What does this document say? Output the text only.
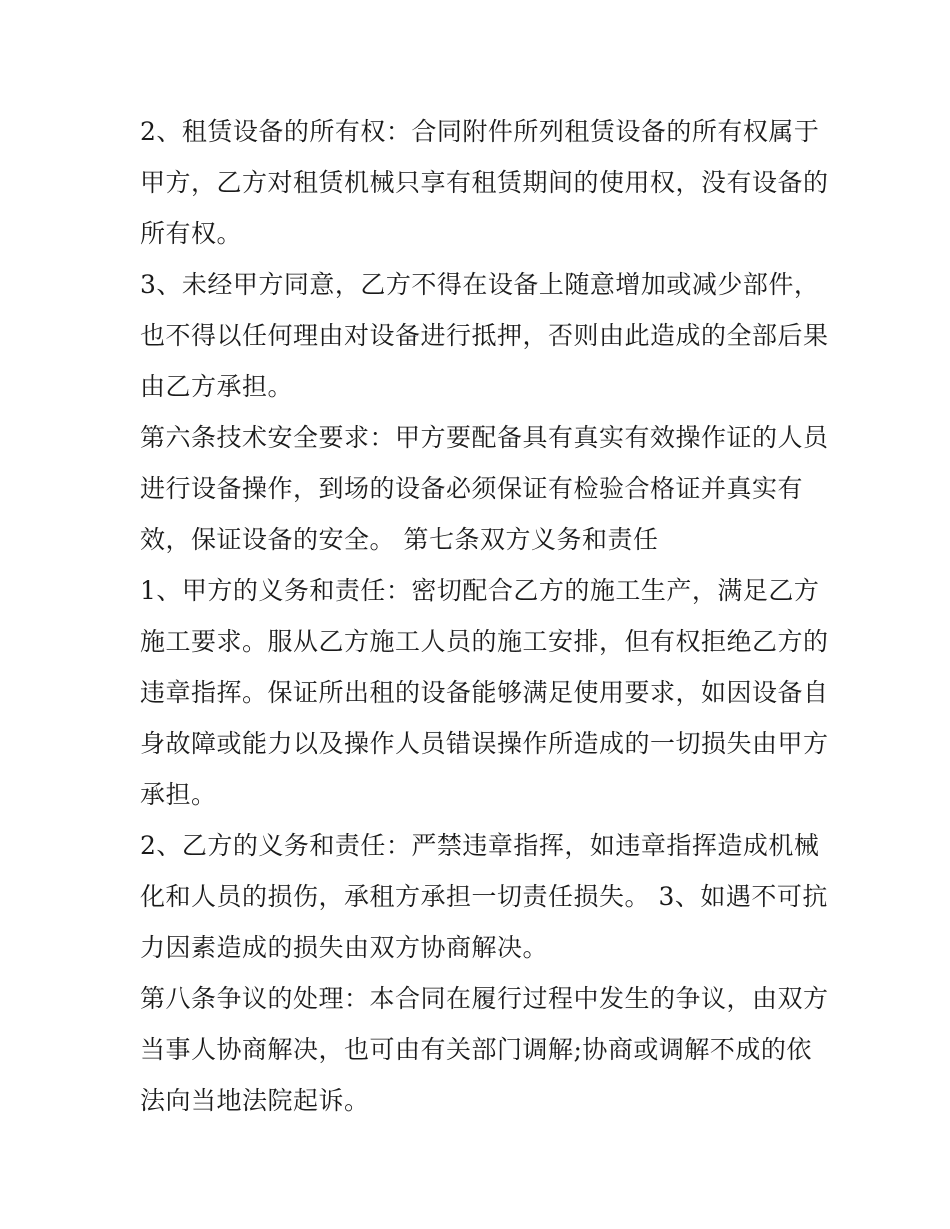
2、租赁设备的所有权：合同附件所列租赁设备的所有权属于
甲方，乙方对租赁机械只享有租赁期间的使用权，没有设备的
所有权。
3、未经甲方同意，乙方不得在设备上随意增加或减少部件，
也不得以任何理由对设备进行抵押，否则由此造成的全部后果
由乙方承担。
第六条技术安全要求：甲方要配备具有真实有效操作证的人员
进行设备操作，到场的设备必须保证有检验合格证并真实有
效，保证设备的安全。 第七条双方义务和责任
1、甲方的义务和责任：密切配合乙方的施工生产，满足乙方
施工要求。服从乙方施工人员的施工安排，但有权拒绝乙方的
违章指挥。保证所出租的设备能够满足使用要求，如因设备自
身故障或能力以及操作人员错误操作所造成的一切损失由甲方
承担。
2、乙方的义务和责任：严禁违章指挥，如违章指挥造成机械
化和人员的损伤，承租方承担一切责任损失。 3、如遇不可抗
力因素造成的损失由双方协商解决。
第八条争议的处理：本合同在履行过程中发生的争议，由双方
当事人协商解决，也可由有关部门调解;协商或调解不成的依
法向当地法院起诉。
